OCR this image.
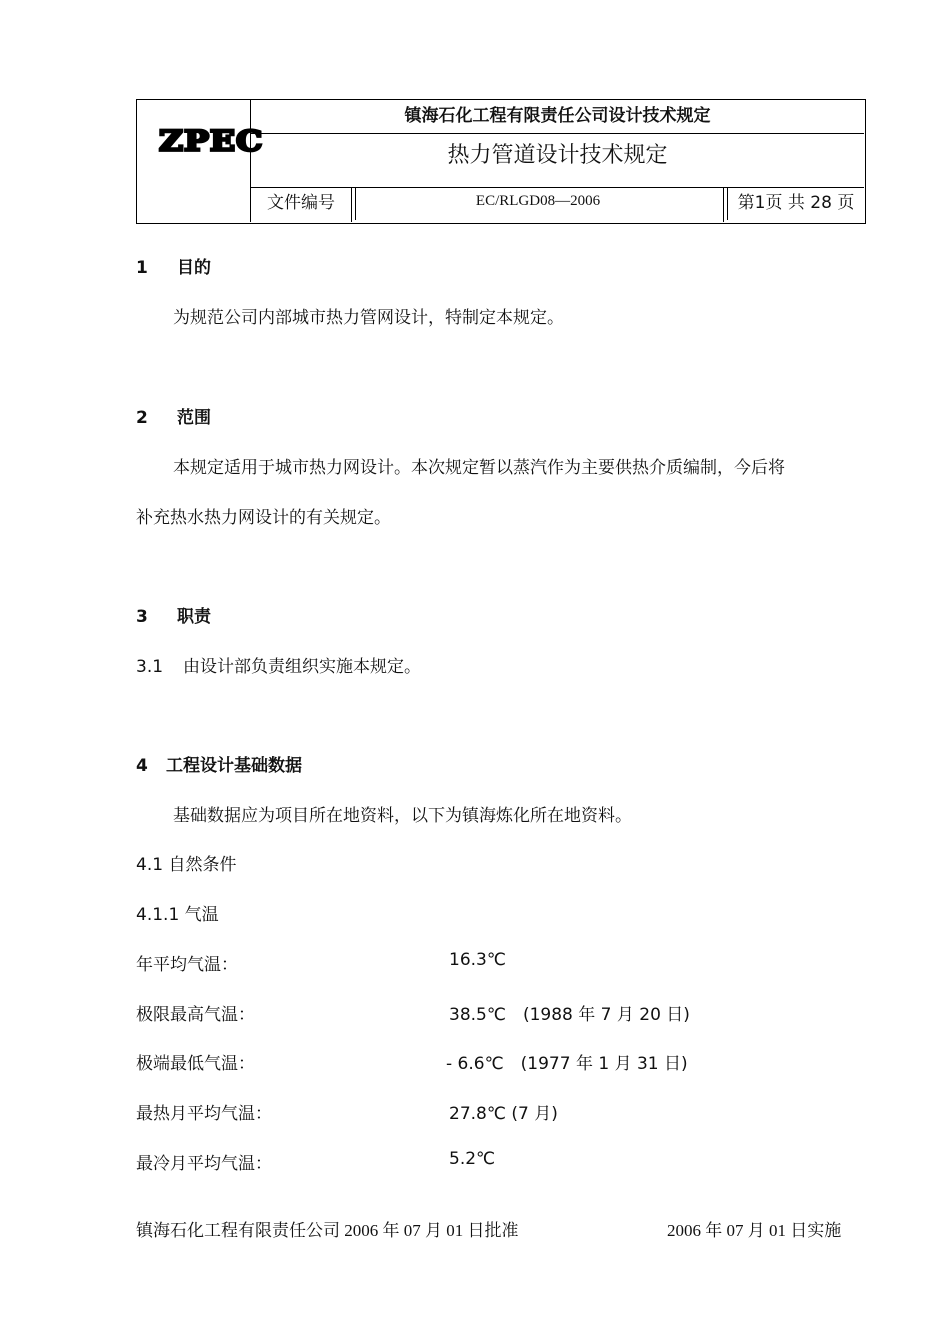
ZPEC
镇海石化工程有限责任公司设计技术规定
热力管道设计技术规定
文件编号	EC/RLGD08—2006	第1页 共 28 页
1 目的
为规范公司内部城市热力管网设计，特制定本规定。
2 范围
本规定适用于城市热力网设计。本次规定暂以蒸汽作为主要供热介质编制，今后将
补充热水热力网设计的有关规定。
3 职责
3.1 由设计部负责组织实施本规定。
4 工程设计基础数据
基础数据应为项目所在地资料，以下为镇海炼化所在地资料。
4.1 自然条件
4.1.1 气温
年平均气温：	16.3℃
极限最高气温：	38.5℃　(1988 年 7 月 20 日)
极端最低气温：	- 6.6℃　(1977 年 1 月 31 日)
最热月平均气温：	27.8℃ (7 月)
最冷月平均气温：	5.2℃
镇海石化工程有限责任公司 2006 年 07 月 01 日批准	2006 年 07 月 01 日实施
